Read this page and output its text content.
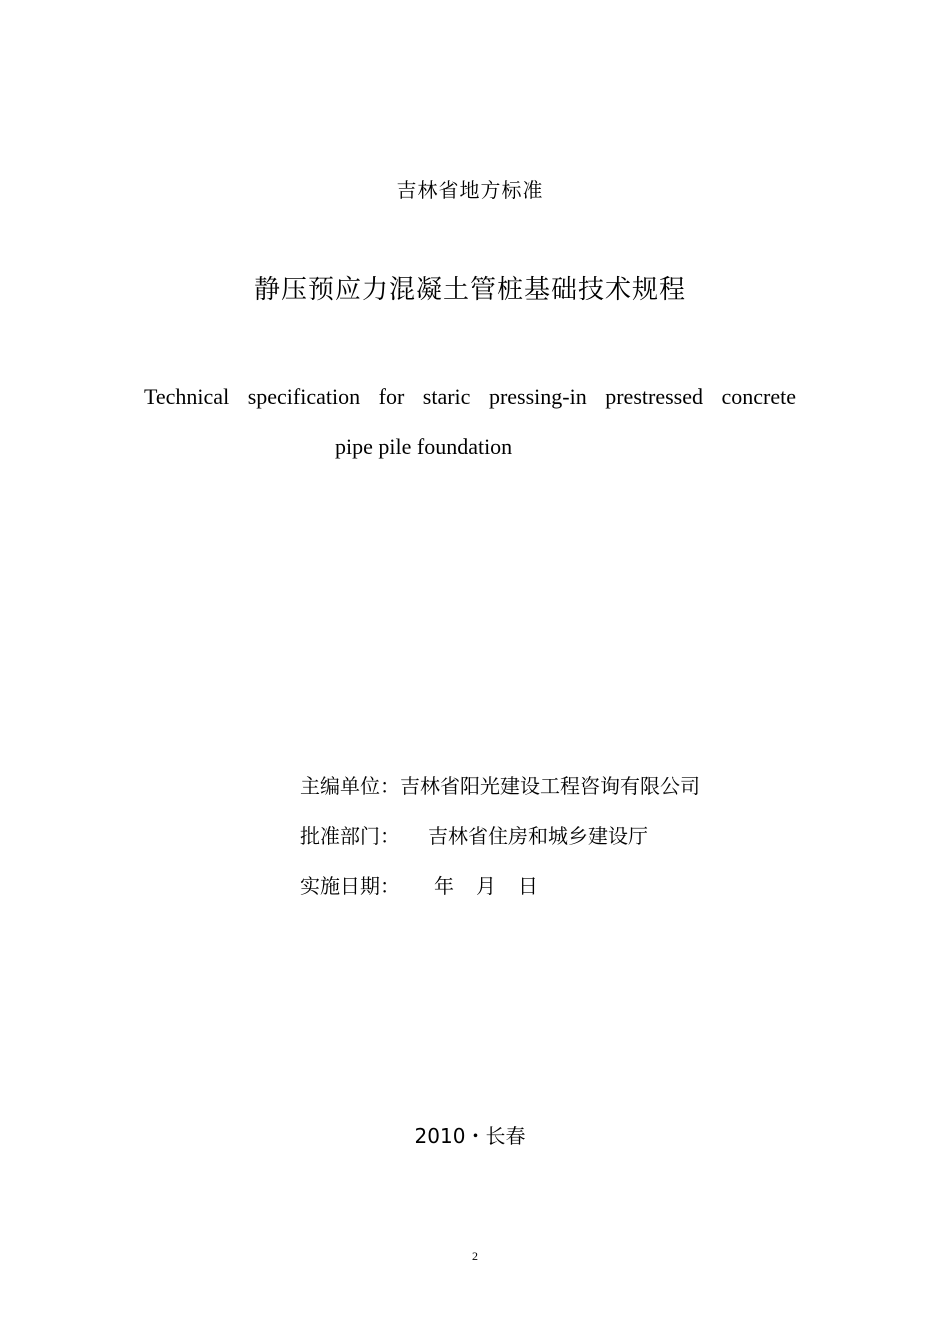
吉林省地方标准
静压预应力混凝土管桩基础技术规程
Technical specification for staric pressing-in prestressed concrete
pipe pile foundation
主编单位：吉林省阳光建设工程咨询有限公司
批准部门： 吉林省住房和城乡建设厅
实施日期： 年 月 日
2010・长春
2
